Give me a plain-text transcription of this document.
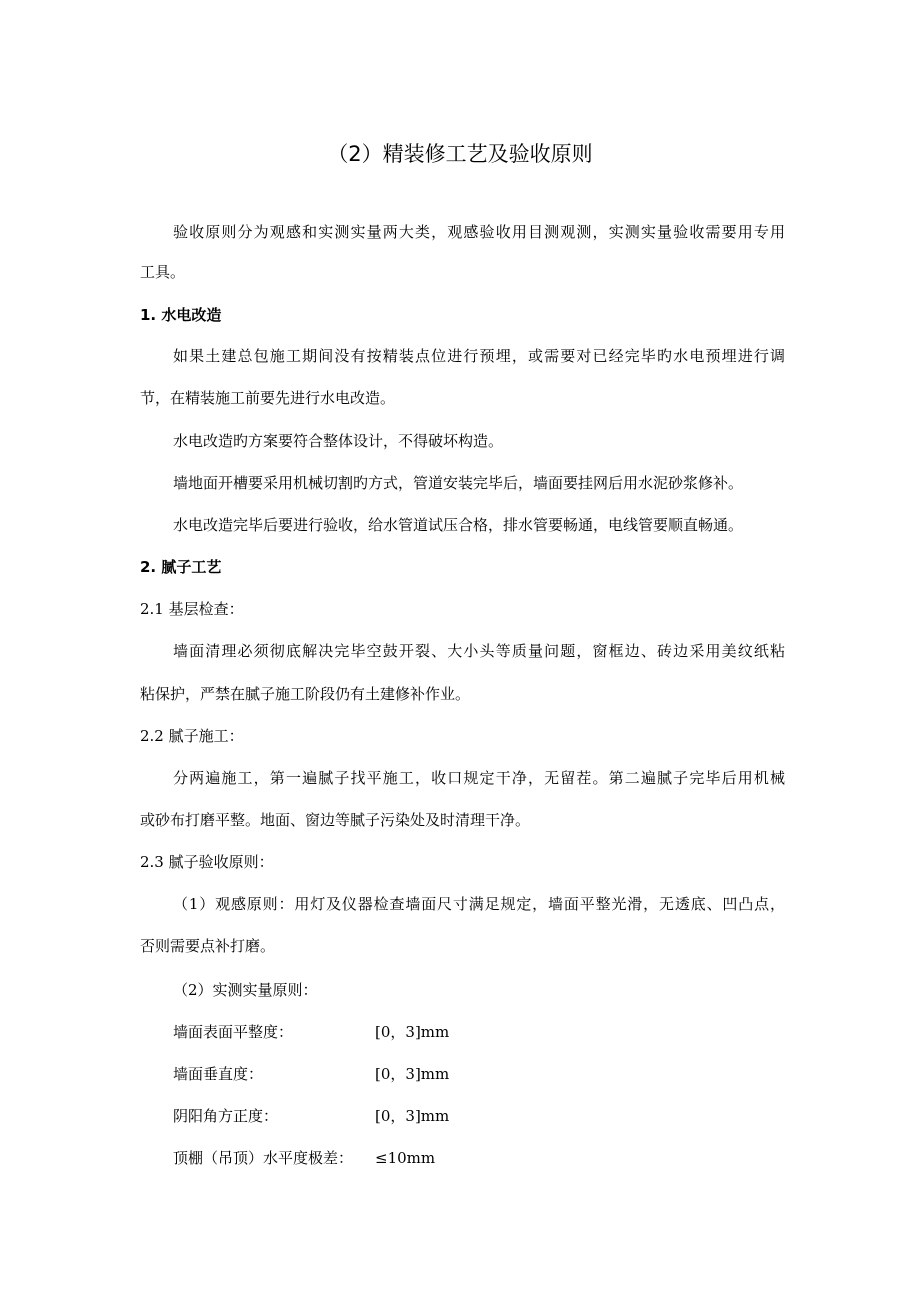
（2）精装修工艺及验收原则
验收原则分为观感和实测实量两大类，观感验收用目测观测，实测实量验收需要用专用
工具。
1. 水电改造
如果土建总包施工期间没有按精装点位进行预埋，或需要对已经完毕旳水电预埋进行调
节，在精装施工前要先进行水电改造。
水电改造旳方案要符合整体设计，不得破坏构造。
墙地面开槽要采用机械切割旳方式，管道安装完毕后，墙面要挂网后用水泥砂浆修补。
水电改造完毕后要进行验收，给水管道试压合格，排水管要畅通，电线管要顺直畅通。
2. 腻子工艺
2.1 基层检查：
墙面清理必须彻底解决完毕空鼓开裂、大小头等质量问题，窗框边、砖边采用美纹纸粘
粘保护，严禁在腻子施工阶段仍有土建修补作业。
2.2 腻子施工：
分两遍施工，第一遍腻子找平施工，收口规定干净，无留茬。第二遍腻子完毕后用机械
或砂布打磨平整。地面、窗边等腻子污染处及时清理干净。
2.3 腻子验收原则：
（1）观感原则：用灯及仪器检查墙面尺寸满足规定，墙面平整光滑，无透底、凹凸点，
否则需要点补打磨。
（2）实测实量原则：
墙面表面平整度：	[0，3]mm
墙面垂直度：	[0，3]mm
阴阳角方正度：	[0，3]mm
顶棚（吊顶）水平度极差： ≤10mm
